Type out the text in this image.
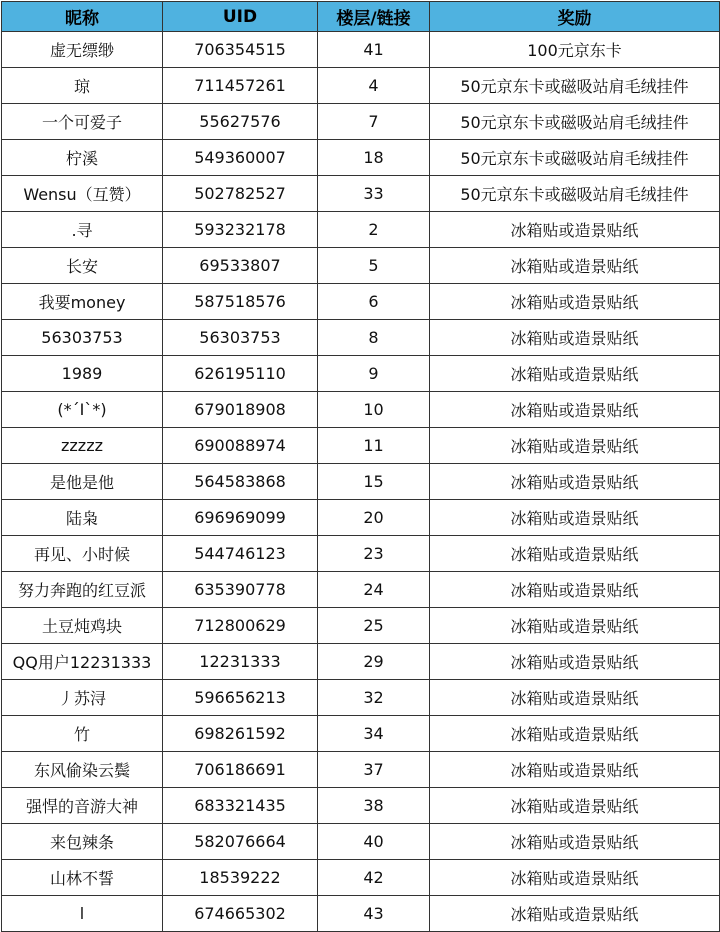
昵称	UID	楼层/链接	奖励
虚无缥缈	706354515	41	100元京东卡
琼	711457261	4	50元京东卡或磁吸站肩毛绒挂件
一个可爱子	55627576	7	50元京东卡或磁吸站肩毛绒挂件
柠溪	549360007	18	50元京东卡或磁吸站肩毛绒挂件
Wensu（互赞）	502782527	33	50元京东卡或磁吸站肩毛绒挂件
.寻	593232178	2	冰箱贴或造景贴纸
长安	69533807	5	冰箱贴或造景贴纸
我要money	587518576	6	冰箱贴或造景贴纸
56303753	56303753	8	冰箱贴或造景贴纸
1989	626195110	9	冰箱贴或造景贴纸
(*´I`*)	679018908	10	冰箱贴或造景贴纸
zzzzz	690088974	11	冰箱贴或造景贴纸
是他是他	564583868	15	冰箱贴或造景贴纸
陆枭	696969099	20	冰箱贴或造景贴纸
再见、小时候	544746123	23	冰箱贴或造景贴纸
努力奔跑的红豆派	635390778	24	冰箱贴或造景贴纸
土豆炖鸡块	712800629	25	冰箱贴或造景贴纸
QQ用户12231333	12231333	29	冰箱贴或造景贴纸
丿苏浔	596656213	32	冰箱贴或造景贴纸
竹	698261592	34	冰箱贴或造景贴纸
东风偷染云鬓	706186691	37	冰箱贴或造景贴纸
强悍的音游大神	683321435	38	冰箱贴或造景贴纸
来包辣条	582076664	40	冰箱贴或造景贴纸
山林不誓	18539222	42	冰箱贴或造景贴纸
l	674665302	43	冰箱贴或造景贴纸
